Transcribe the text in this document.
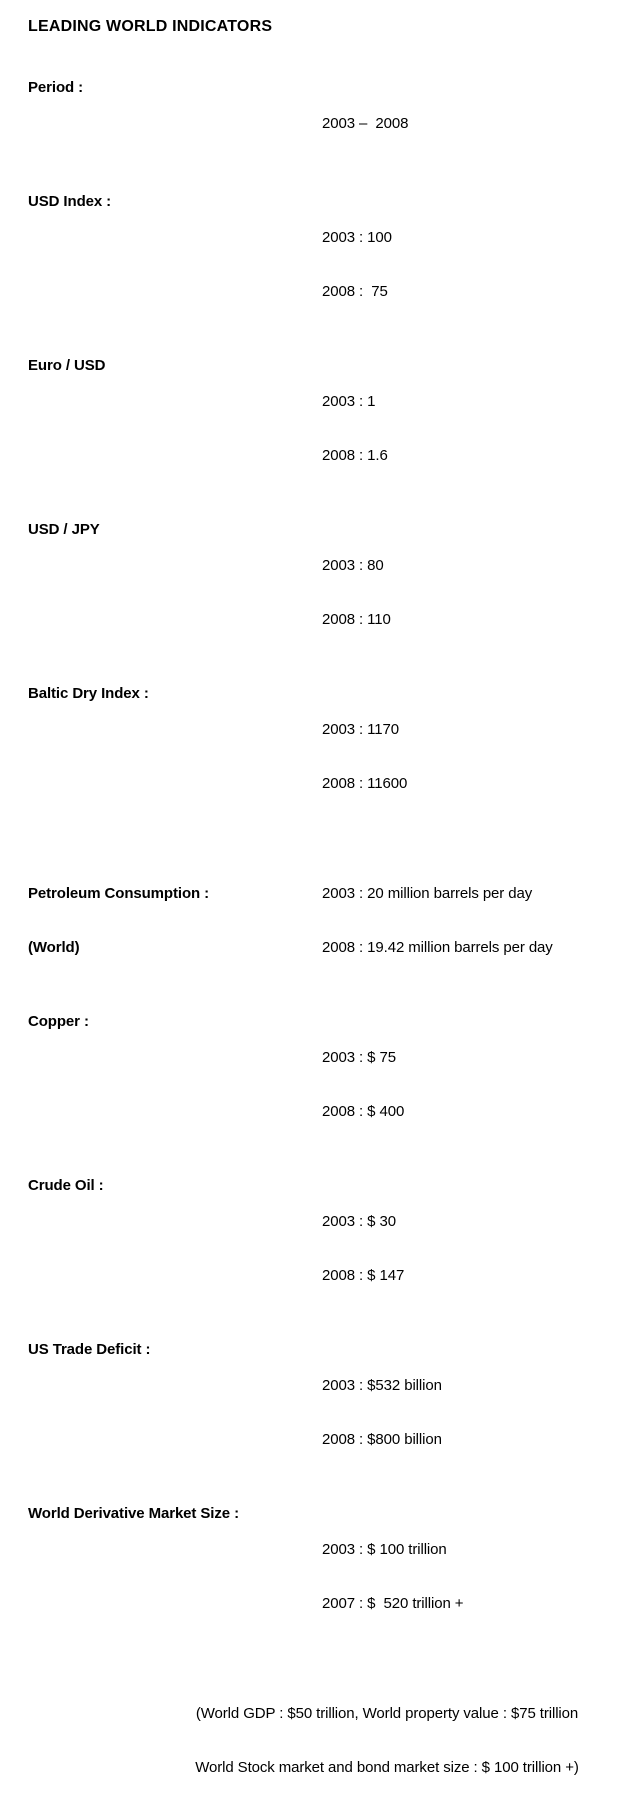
LEADING WORLD INDICATORS
Period :

2003 –  2008

USD Index :

2003 : 100

2008 :  75

Euro / USD

2003 : 1

2008 : 1.6

USD / JPY

2003 : 80

2008 : 110

Baltic Dry Index :

2003 : 1170

2008 : 11600

Petroleum Consumption :

(World)

2003 : 20 million barrels per day

2008 : 19.42 million barrels per day

Copper :

2003 : $ 75

2008 : $ 400

Crude Oil :

2003 : $ 30

2008 : $ 147

US Trade Deficit :

2003 : $532 billion

2008 : $800 billion

World Derivative Market Size :

2003 : $ 100 trillion

2007 : $  520 trillion +

(World GDP : $50 trillion, World property value : $75 trillion

World Stock market and bond market size : $ 100 trillion +)
